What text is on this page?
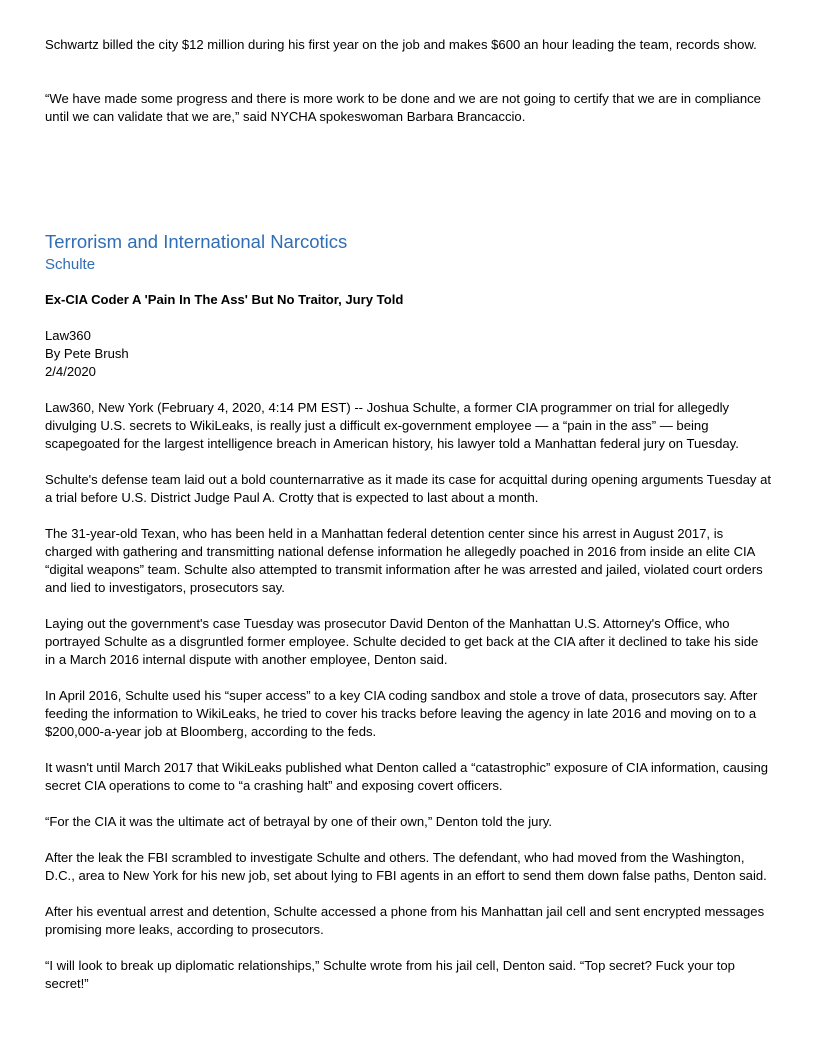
Schwartz billed the city $12 million during his first year on the job and makes $600 an hour leading the team, records show.

“We have made some progress and there is more work to be done and we are not going to certify that we are in compliance until we can validate that we are,” said NYCHA spokeswoman Barbara Brancaccio.

Terrorism and International Narcotics
Schulte

Ex-CIA Coder A 'Pain In The Ass' But No Traitor, Jury Told

Law360
By Pete Brush
2/4/2020

Law360, New York (February 4, 2020, 4:14 PM EST) -- Joshua Schulte, a former CIA programmer on trial for allegedly divulging U.S. secrets to WikiLeaks, is really just a difficult ex-government employee — a “pain in the ass” — being scapegoated for the largest intelligence breach in American history, his lawyer told a Manhattan federal jury on Tuesday.

Schulte's defense team laid out a bold counternarrative as it made its case for acquittal during opening arguments Tuesday at a trial before U.S. District Judge Paul A. Crotty that is expected to last about a month.

The 31-year-old Texan, who has been held in a Manhattan federal detention center since his arrest in August 2017, is charged with gathering and transmitting national defense information he allegedly poached in 2016 from inside an elite CIA “digital weapons” team. Schulte also attempted to transmit information after he was arrested and jailed, violated court orders and lied to investigators, prosecutors say.

Laying out the government's case Tuesday was prosecutor David Denton of the Manhattan U.S. Attorney's Office, who portrayed Schulte as a disgruntled former employee. Schulte decided to get back at the CIA after it declined to take his side in a March 2016 internal dispute with another employee, Denton said.

In April 2016, Schulte used his “super access” to a key CIA coding sandbox and stole a trove of data, prosecutors say. After feeding the information to WikiLeaks, he tried to cover his tracks before leaving the agency in late 2016 and moving on to a $200,000-a-year job at Bloomberg, according to the feds.

It wasn't until March 2017 that WikiLeaks published what Denton called a “catastrophic” exposure of CIA information, causing secret CIA operations to come to “a crashing halt” and exposing covert officers.

“For the CIA it was the ultimate act of betrayal by one of their own,” Denton told the jury.

After the leak the FBI scrambled to investigate Schulte and others. The defendant, who had moved from the Washington, D.C., area to New York for his new job, set about lying to FBI agents in an effort to send them down false paths, Denton said.

After his eventual arrest and detention, Schulte accessed a phone from his Manhattan jail cell and sent encrypted messages promising more leaks, according to prosecutors.

“I will look to break up diplomatic relationships,” Schulte wrote from his jail cell, Denton said. “Top secret? Fuck your top secret!”
